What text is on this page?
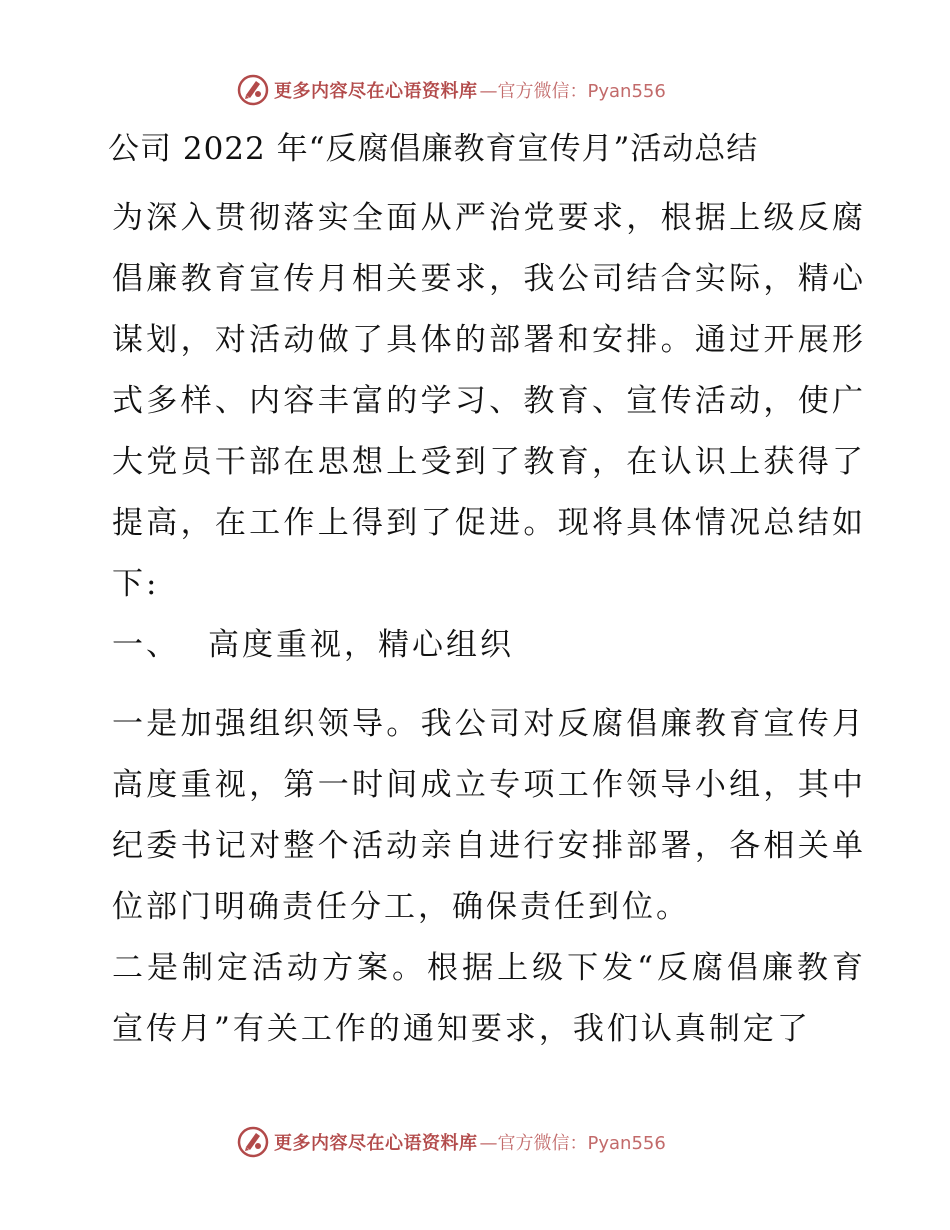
更多内容尽在心语资料库 —官方微信：Pyan556
公司 2022 年“反腐倡廉教育宣传月”活动总结
为深入贯彻落实全面从严治党要求，根据上级反腐倡廉教育宣传月相关要求，我公司结合实际，精心谋划，对活动做了具体的部署和安排。通过开展形式多样、内容丰富的学习、教育、宣传活动，使广大党员干部在思想上受到了教育，在认识上获得了提高，在工作上得到了促进。现将具体情况总结如下:
一、 高度重视，精心组织
一是加强组织领导。我公司对反腐倡廉教育宣传月高度重视，第一时间成立专项工作领导小组，其中纪委书记对整个活动亲自进行安排部署，各相关单位部门明确责任分工，确保责任到位。
二是制定活动方案。根据上级下发“反腐倡廉教育宣传月”有关工作的通知要求，我们认真制定了
更多内容尽在心语资料库 —官方微信：Pyan556
